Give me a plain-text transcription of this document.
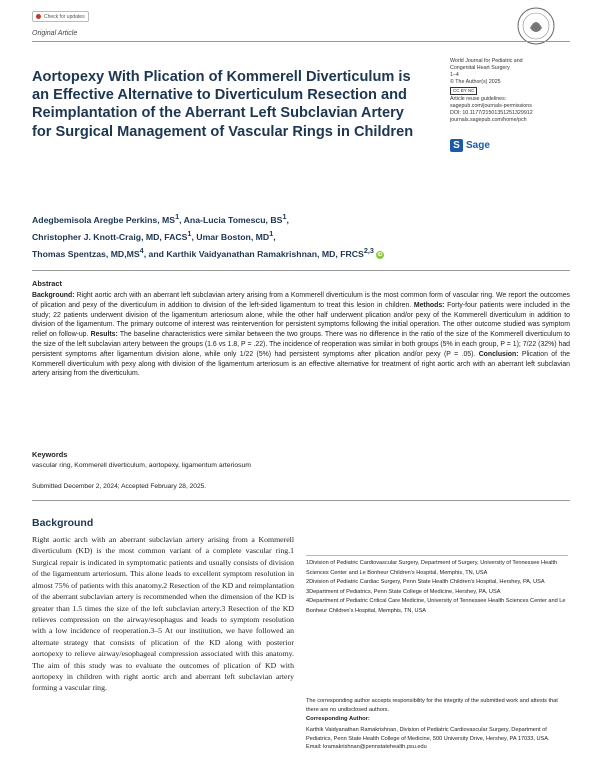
Check for updates
Original Article
Aortopexy With Plication of Kommerell Diverticulum is an Effective Alternative to Diverticulum Resection and Reimplantation of the Aberrant Left Subclavian Artery for Surgical Management of Vascular Rings in Children
World Journal for Pediatric and
Congenital Heart Surgery
1–4
© The Author(s) 2025
CC BY NC
Article reuse guidelines:
sagepub.com/journals-permissions
DOI: 10.1177/21501351251329912
journals.sagepub.com/home/pch
S Sage
Adegbemisola Aregbe Perkins, $MS^1$, Ana-Lucia Tomescu, $BS^1$,
Christopher J. Knott-Craig, MD, FACS$^1$, Umar Boston, $MD^1$,
Thomas Spentzas, $MD,MS^4$, and Karthik Vaidyanathan Ramakrishnan, MD, FRCS$^{2,3}$ iD
Abstract
Background: Right aortic arch with an aberrant left subclavian artery arising from a Kommerell diverticulum is the most common form of vascular ring. We report the outcomes of plication and pexy of the diverticulum in addition to division of the left-sided ligamentum to treat this lesion in children. Methods: Forty-four patients were included in the study; 22 patients underwent division of the ligamentum arteriosum alone, while the other half underwent plication and/or pexy of the Kommerell diverticulum in addition to division of the ligamentum. The primary outcome of interest was reintervention for persistent symptoms following the initial operation. The other outcome studied was symptom relief on follow-up. Results: The baseline characteristics were similar between the two groups. There was no difference in the ratio of the size of the Kommerell diverticulum to the size of the left subclavian artery between the groups (1.6 vs 1.8, P = .22). The incidence of reoperation was similar in both groups (5% in each group, P = 1); 7/22 (32%) had persistent symptoms after ligamentum division alone, while only 1/22 (5%) had persistent symptoms after plication and/or pexy (P = .05). Conclusion: Plication of the Kommerell diverticulum with pexy along with division of the ligamentum arteriosum is an effective alternative for treatment of right aortic arch with an aberrant left subclavian artery arising from the diverticulum.
Keywords
vascular ring, Kommerell diverticulum, aortopexy, ligamentum arteriosum
Submitted December 2, 2024; Accepted February 28, 2025.
Background
Right aortic arch with an aberrant subclavian artery arising from a Kommerell diverticulum (KD) is the most common variant of a complete vascular ring.1 Surgical repair is indicated in symptomatic patients and usually consists of division of the ligamentum arteriosum. This alone leads to excellent symptom resolution in almost 75% of patients with this anatomy.2 Resection of the KD and reimplantation of the aberrant subclavian artery is recommended when the dimension of the KD is greater than 1.5 times the size of the left subclavian artery.3 Resection of the KD relieves compression on the airway/esophagus and leads to symptom resolution with a low incidence of reoperation.3–5 At our institution, we have followed an alternate strategy that consists of plication of the KD along with posterior aortopexy to relieve airway/esophageal compression associated with this anatomy. The aim of this study was to evaluate the outcomes of plication of KD with aortopexy in children with right aortic arch and aberrant left subclavian artery forming a vascular ring.

1Division of Pediatric Cardiovascular Surgery, Department of Surgery, University of Tennessee Health Sciences Center and Le Bonheur Children's Hospital, Memphis, TN, USA

2Division of Pediatric Cardiac Surgery, Penn State Health Children's Hospital, Hershey, PA, USA

3Department of Pediatrics, Penn State College of Medicine, Hershey, PA, USA

4Department of Pediatric Critical Care Medicine, University of Tennessee Health Sciences Center and Le Bonheur Children's Hospital, Memphis, TN, USA

The corresponding author accepts responsibility for the integrity of the submitted work and attests that there are no undisclosed authors.
Corresponding Author:
Karthik Vaidyanathan Ramakrishnan, Division of Pediatric Cardiovascular Surgery, Department of Pediatrics, Penn State Health College of Medicine, 500 University Drive, Hershey, PA 17033, USA.
Email: kramakrishnan@pennstatehealth.psu.edu
